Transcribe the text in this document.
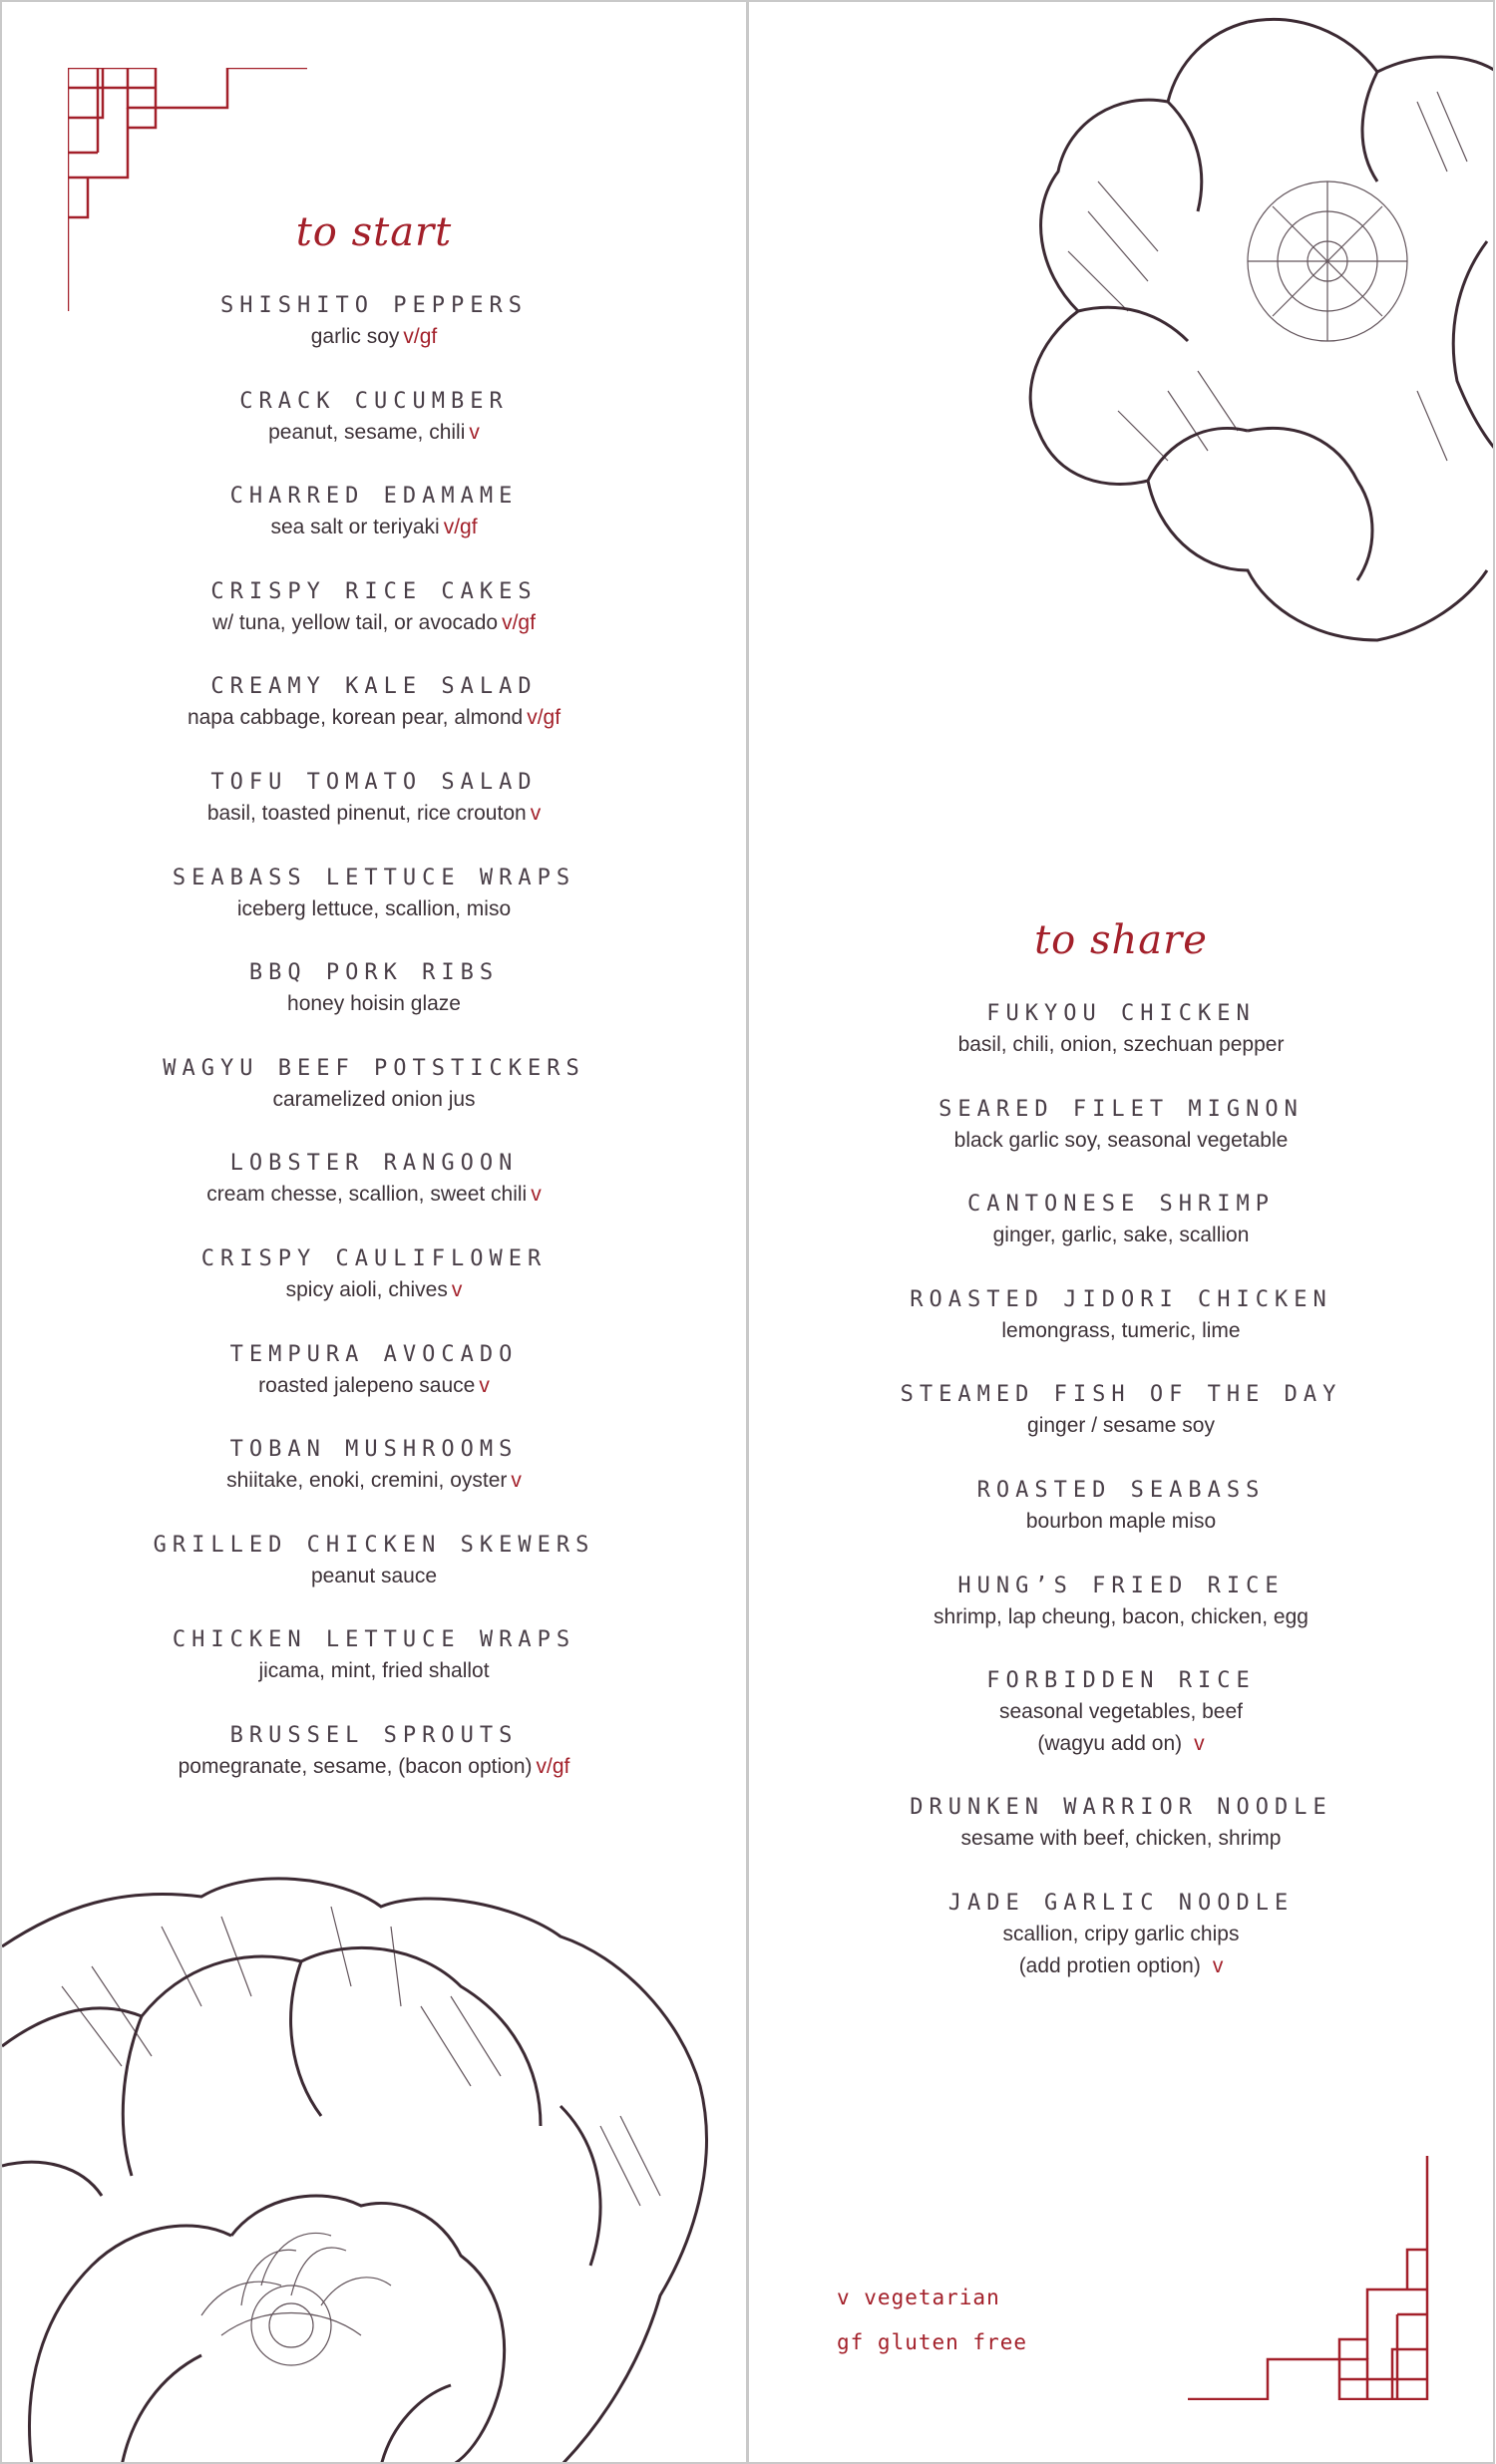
to start
SHISHITO PEPPERS
garlic soy v/gf
CRACK CUCUMBER
peanut, sesame, chili v
CHARRED EDAMAME
sea salt or teriyaki v/gf
CRISPY RICE CAKES
w/ tuna, yellow tail, or avocado v/gf
CREAMY KALE SALAD
napa cabbage, korean pear, almond v/gf
TOFU TOMATO SALAD
basil, toasted pinenut, rice crouton v
SEABASS LETTUCE WRAPS
iceberg lettuce, scallion, miso
BBQ PORK RIBS
honey hoisin glaze
WAGYU BEEF POTSTICKERS
caramelized onion jus
LOBSTER RANGOON
cream chesse, scallion, sweet chili v
CRISPY CAULIFLOWER
spicy aioli, chives v
TEMPURA AVOCADO
roasted jalepeno sauce v
TOBAN MUSHROOMS
shiitake, enoki, cremini, oyster v
GRILLED CHICKEN SKEWERS
peanut sauce
CHICKEN LETTUCE WRAPS
jicama, mint, fried shallot
BRUSSEL SPROUTS
pomegranate, sesame, (bacon option) v/gf
to share
FUKYOU CHICKEN
basil, chili, onion, szechuan pepper
SEARED FILET MIGNON
black garlic soy, seasonal vegetable
CANTONESE SHRIMP
ginger, garlic, sake, scallion
ROASTED JIDORI CHICKEN
lemongrass, tumeric, lime
STEAMED FISH OF THE DAY
ginger / sesame soy
ROASTED SEABASS
bourbon maple miso
HUNG’S FRIED RICE
shrimp, lap cheung, bacon, chicken, egg
FORBIDDEN RICE
seasonal vegetables, beef
(wagyu add on) v
DRUNKEN WARRIOR NOODLE
sesame with beef, chicken, shrimp
JADE GARLIC NOODLE
scallion, cripy garlic chips
(add protien option) v
v vegetarian
gf gluten free
